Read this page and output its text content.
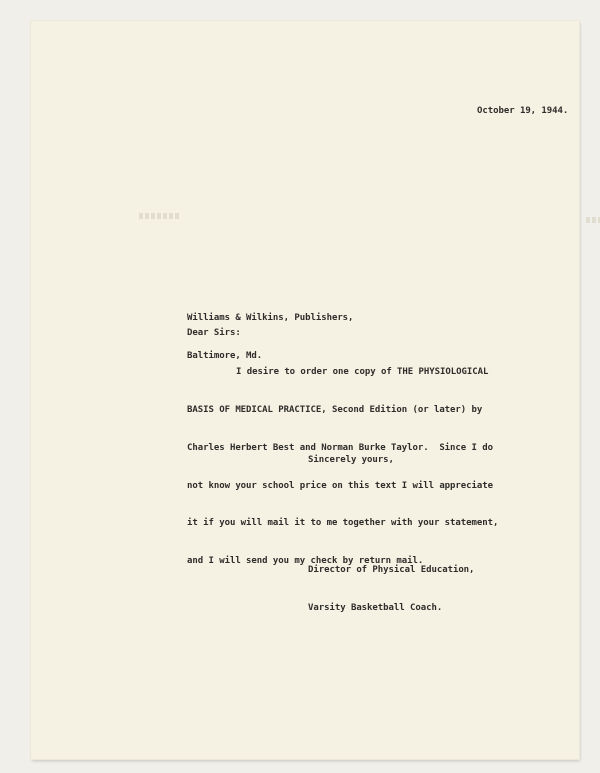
October 19, 1944.

Williams & Wilkins, Publishers,

Baltimore, Md.

Dear Sirs:

I desire to order one copy of THE PHYSIOLOGICAL

BASIS OF MEDICAL PRACTICE, Second Edition (or later) by

Charles Herbert Best and Norman Burke Taylor.  Since I do

not know your school price on this text I will appreciate

it if you will mail it to me together with your statement,

and I will send you my check by return mail.

Sincerely yours,

Director of Physical Education,

Varsity Basketball Coach.
